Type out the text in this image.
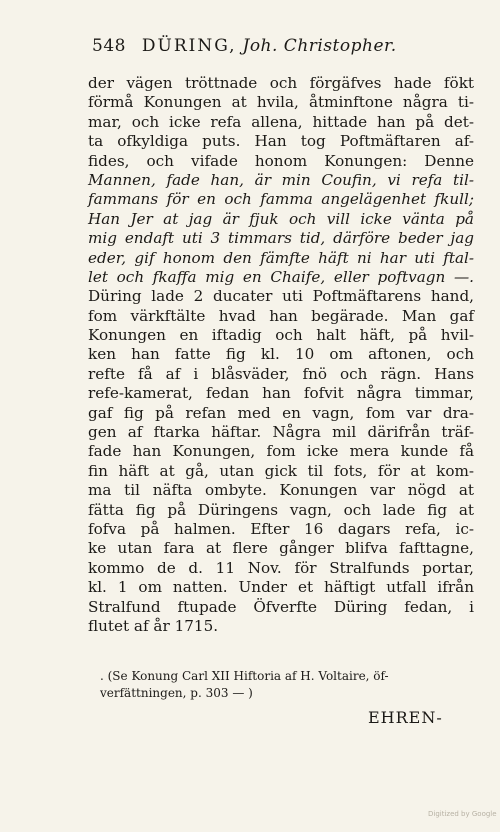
548 DÜRING, Joh. Christopher.
der vägen tröttnade och förgäfves hade fökt
förmå Konungen at hvila, åtminftone några ti-
mar, och icke refa allena, hittade han på det-
ta ofkyldiga puts. Han tog Poftmäftaren af-
fides, och vifade honom Konungen: Denne
Mannen, fade han, är min Coufin, vi refa til-
fammans för en och famma angelägenhet fkull;
Han Jer at jag är fjuk och vill icke vänta på
mig endaft uti 3 timmars tid, därföre beder jag
eder, gif honom den fämfte häft ni har uti ftal-
let och fkaffa mig en Chaife, eller poftvagn —.
Düring lade 2 ducater uti Poftmäftarens hand,
fom värkftälte hvad han begärade. Man gaf
Konungen en iftadig och halt häft, på hvil-
ken han fatte fig kl. 10 om aftonen, och
refte få af i blåsväder, fnö och rägn. Hans
refe-kamerat, fedan han fofvit några timmar,
gaf fig på refan med en vagn, fom var dra-
gen af ftarka häftar. Några mil därifrån träf-
fade han Konungen, fom icke mera kunde få
fin häft at gå, utan gick til fots, för at kom-
ma til näfta ombyte. Konungen var nögd at
fätta fig på Düringens vagn, och lade fig at
fofva på halmen. Efter 16 dagars refa, ic-
ke utan fara at flere gånger blifva fafttagne,
kommo de d. 11 Nov. för Stralfunds portar,
kl. 1 om natten. Under et häftigt utfall ifrån
Stralfund ftupade Öfverfte Düring fedan, i
flutet af år 1715.
. (Se Konung Carl XII Hiftoria af H. Voltaire, öf-
verfättningen, p. 303 — )
EHREN-
Digitized by Google
